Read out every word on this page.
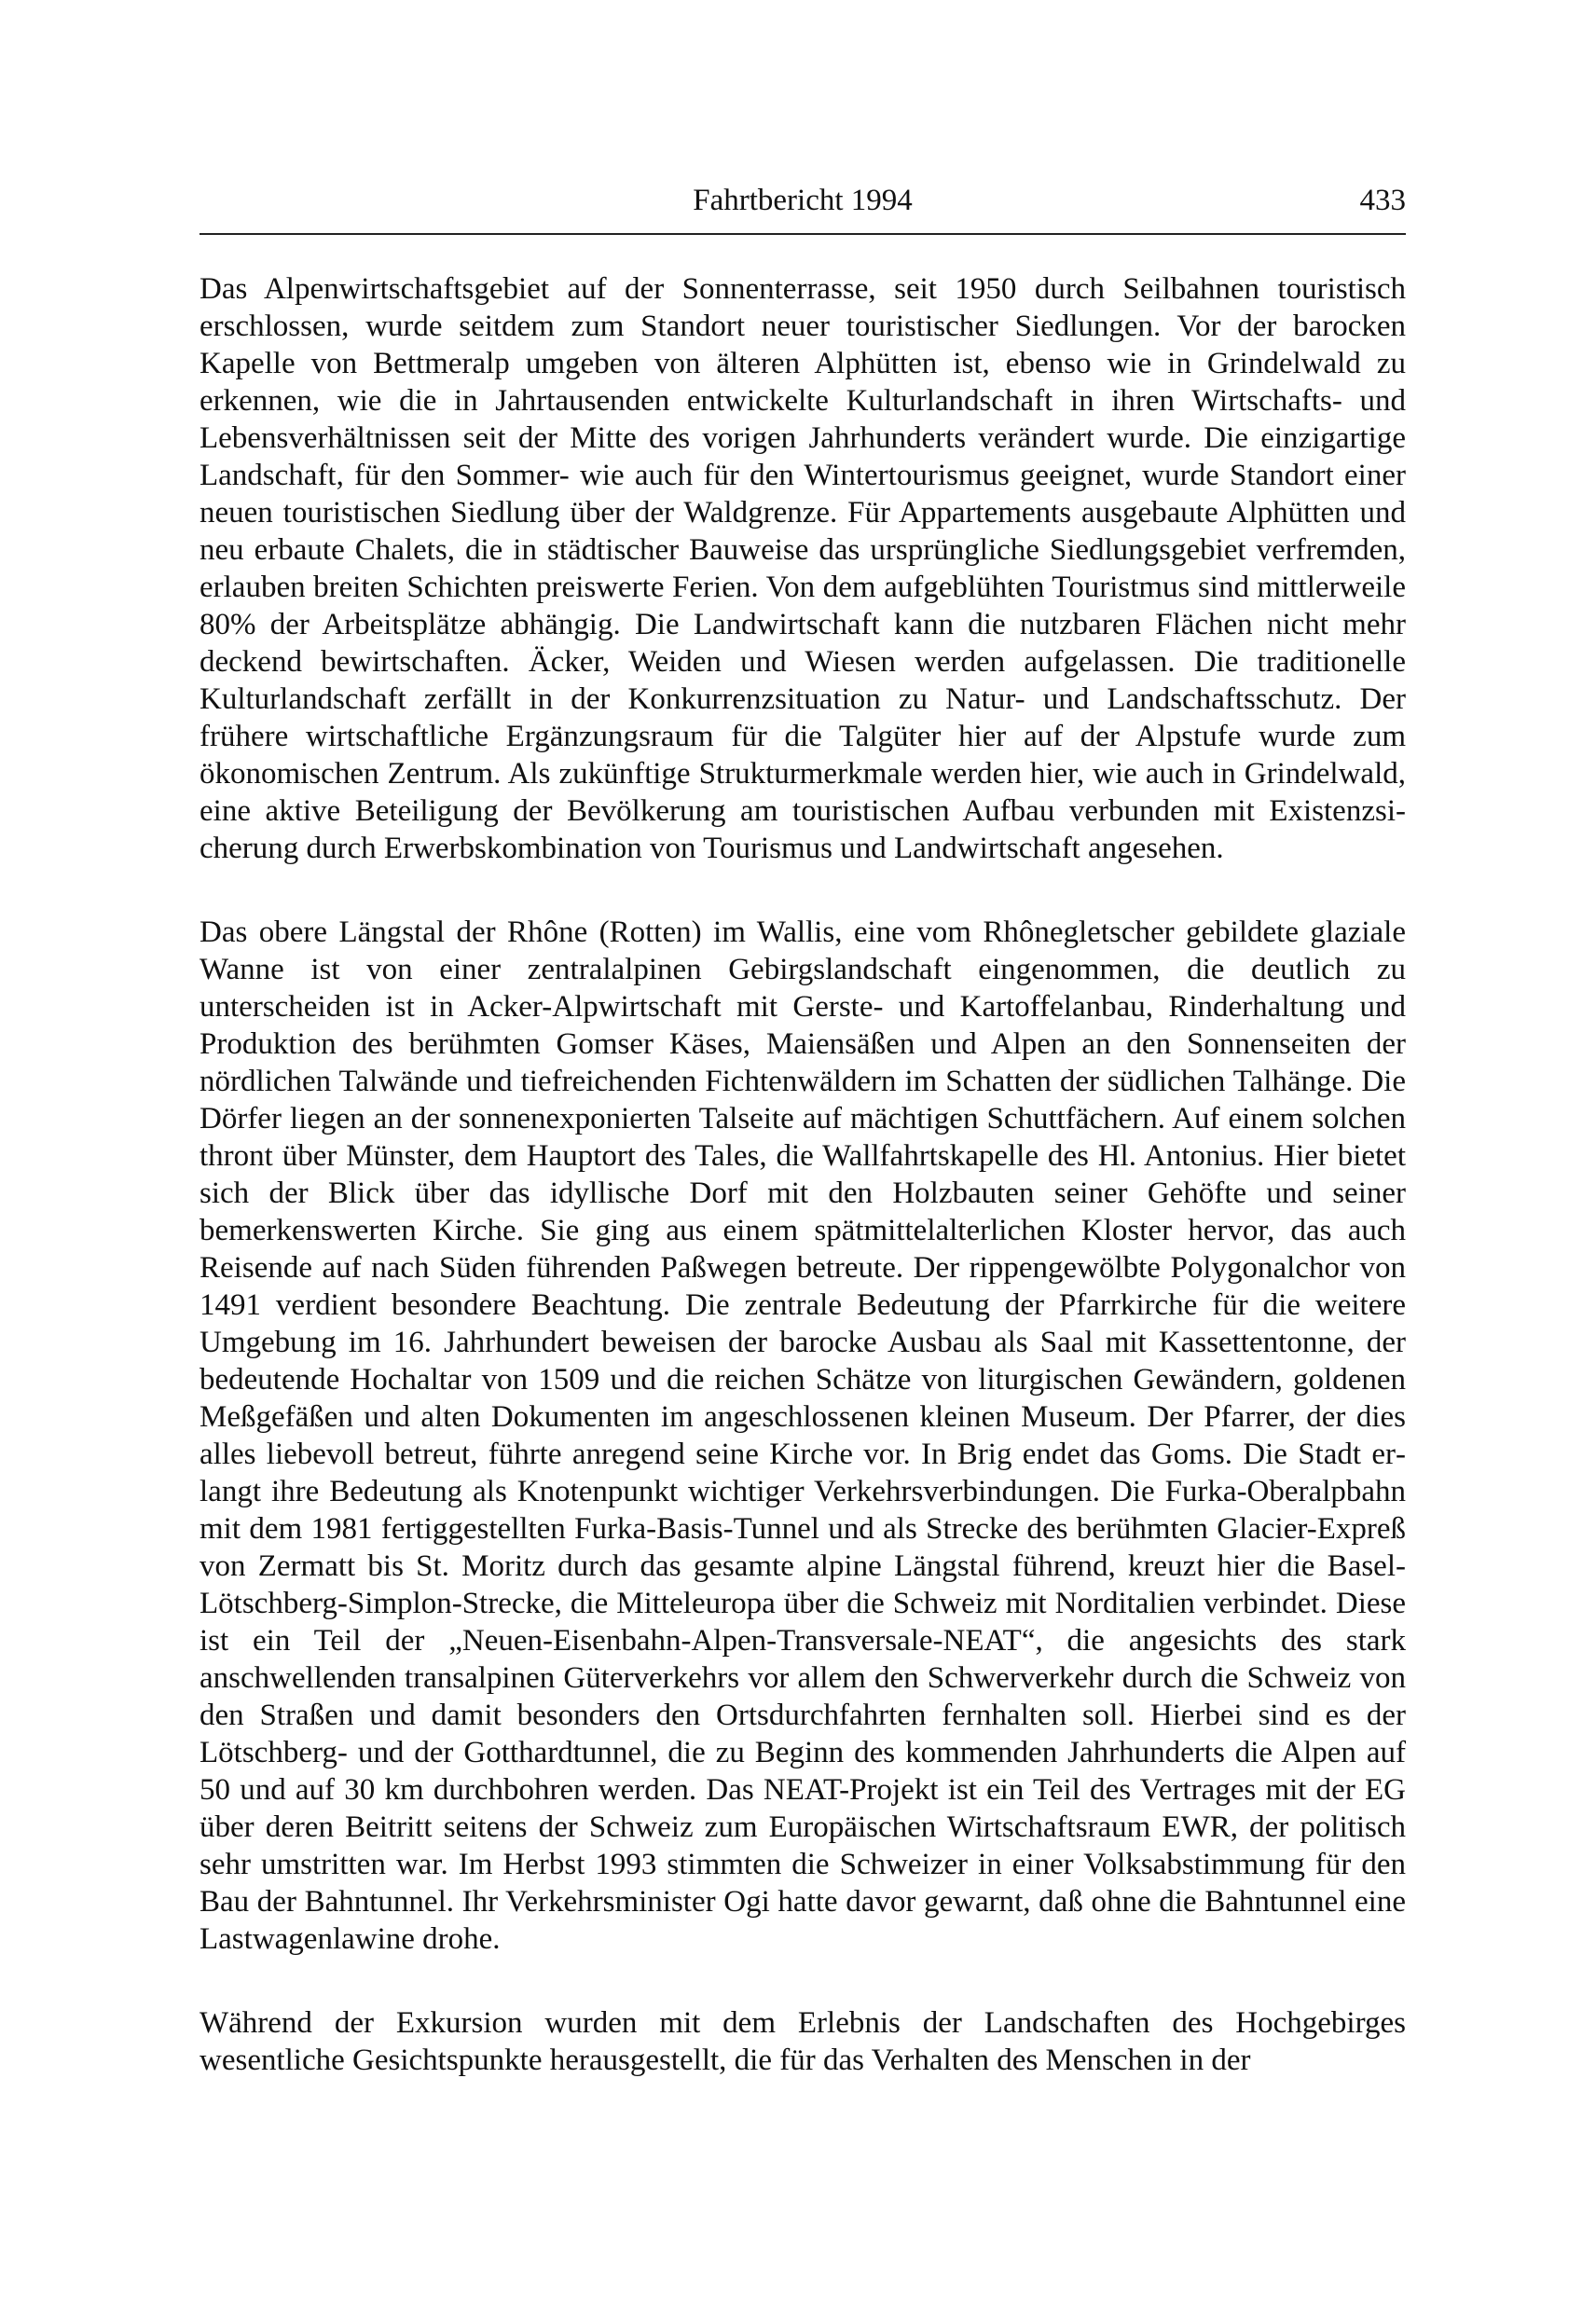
Fahrtbericht 1994	433

Das Alpenwirtschaftsgebiet auf der Sonnenterrasse, seit 1950 durch Seilbahnen touristisch erschlossen, wurde seitdem zum Standort neuer touristischer Siedlungen. Vor der barocken Kapelle von Bettmeralp umgeben von älteren Alphütten ist, ebenso wie in Grindelwald zu erkennen, wie die in Jahrtausenden entwickelte Kulturlandschaft in ihren Wirtschafts- und Lebensverhältnissen seit der Mitte des vorigen Jahrhunderts verändert wurde. Die einzigartige Landschaft, für den Sommer- wie auch für den Wintertourismus geeignet, wurde Standort einer neuen touristischen Siedlung über der Waldgrenze. Für Appartements ausgebaute Alphütten und neu erbaute Chalets, die in städtischer Bauweise das ursprüngliche Siedlungsgebiet verfremden, erlauben breiten Schichten preiswerte Ferien. Von dem aufgeblühten Touristmus sind mittlerweile 80% der Arbeitsplätze abhängig. Die Landwirtschaft kann die nutzbaren Flächen nicht mehr deckend bewirtschaften. Äcker, Weiden und Wiesen werden aufgelassen. Die traditionelle Kulturlandschaft zerfällt in der Konkurrenzsituation zu Natur- und Landschaftsschutz. Der frühere wirtschaftliche Ergänzungsraum für die Talgüter hier auf der Alpstufe wurde zum ökonomischen Zentrum. Als zukünftige Strukturmerkmale werden hier, wie auch in Grindelwald, eine aktive Beteiligung der Bevölkerung am touristischen Aufbau verbunden mit Existenzsicherung durch Erwerbskombination von Tourismus und Landwirtschaft angesehen.

Das obere Längstal der Rhône (Rotten) im Wallis, eine vom Rhônegletscher gebildete glaziale Wanne ist von einer zentralalpinen Gebirgslandschaft eingenommen, die deutlich zu unterscheiden ist in Acker-Alpwirtschaft mit Gerste- und Kartoffelanbau, Rinderhaltung und Produktion des berühmten Gomser Käses, Maiensäßen und Alpen an den Sonnenseiten der nördlichen Talwände und tiefreichenden Fichtenwäldern im Schatten der südlichen Talhänge. Die Dörfer liegen an der sonnenexponierten Talseite auf mächtigen Schuttfächern. Auf einem solchen thront über Münster, dem Hauptort des Tales, die Wallfahrtskapelle des Hl. Antonius. Hier bietet sich der Blick über das idyllische Dorf mit den Holzbauten seiner Gehöfte und seiner bemerkenswerten Kirche. Sie ging aus einem spätmittelalterlichen Kloster hervor, das auch Reisende auf nach Süden führenden Paßwegen betreute. Der rippengewölbte Polygonalchor von 1491 verdient besondere Beachtung. Die zentrale Bedeutung der Pfarrkirche für die weitere Umgebung im 16. Jahrhundert beweisen der barocke Ausbau als Saal mit Kassettentonne, der bedeutende Hochaltar von 1509 und die reichen Schätze von liturgischen Gewändern, goldenen Meßgefäßen und alten Dokumenten im angeschlossenen kleinen Museum. Der Pfarrer, der dies alles liebevoll betreut, führte anregend seine Kirche vor. In Brig endet das Goms. Die Stadt erlangt ihre Bedeutung als Knotenpunkt wichtiger Verkehrsverbindungen. Die Furka-Oberalpbahn mit dem 1981 fertiggestellten Furka-Basis-Tunnel und als Strecke des berühmten Glacier-Expreß von Zermatt bis St. Moritz durch das gesamte alpine Längstal führend, kreuzt hier die Basel-Lötschberg-Simplon-Strecke, die Mitteleuropa über die Schweiz mit Norditalien verbindet. Diese ist ein Teil der „Neuen-Eisenbahn-Alpen-Transversale-NEAT“, die angesichts des stark anschwellenden transalpinen Güterverkehrs vor allem den Schwerverkehr durch die Schweiz von den Straßen und damit besonders den Ortsdurchfahrten fernhalten soll. Hierbei sind es der Lötschberg- und der Gotthardtunnel, die zu Beginn des kommenden Jahrhunderts die Alpen auf 50 und auf 30 km durchbohren werden. Das NEAT-Projekt ist ein Teil des Vertrages mit der EG über deren Beitritt seitens der Schweiz zum Europäischen Wirtschaftsraum EWR, der politisch sehr umstritten war. Im Herbst 1993 stimmten die Schweizer in einer Volksabstimmung für den Bau der Bahntunnel. Ihr Verkehrsminister Ogi hatte davor gewarnt, daß ohne die Bahntunnel eine Lastwagenlawine drohe.

Während der Exkursion wurden mit dem Erlebnis der Landschaften des Hochgebirges wesentliche Gesichtspunkte herausgestellt, die für das Verhalten des Menschen in der
